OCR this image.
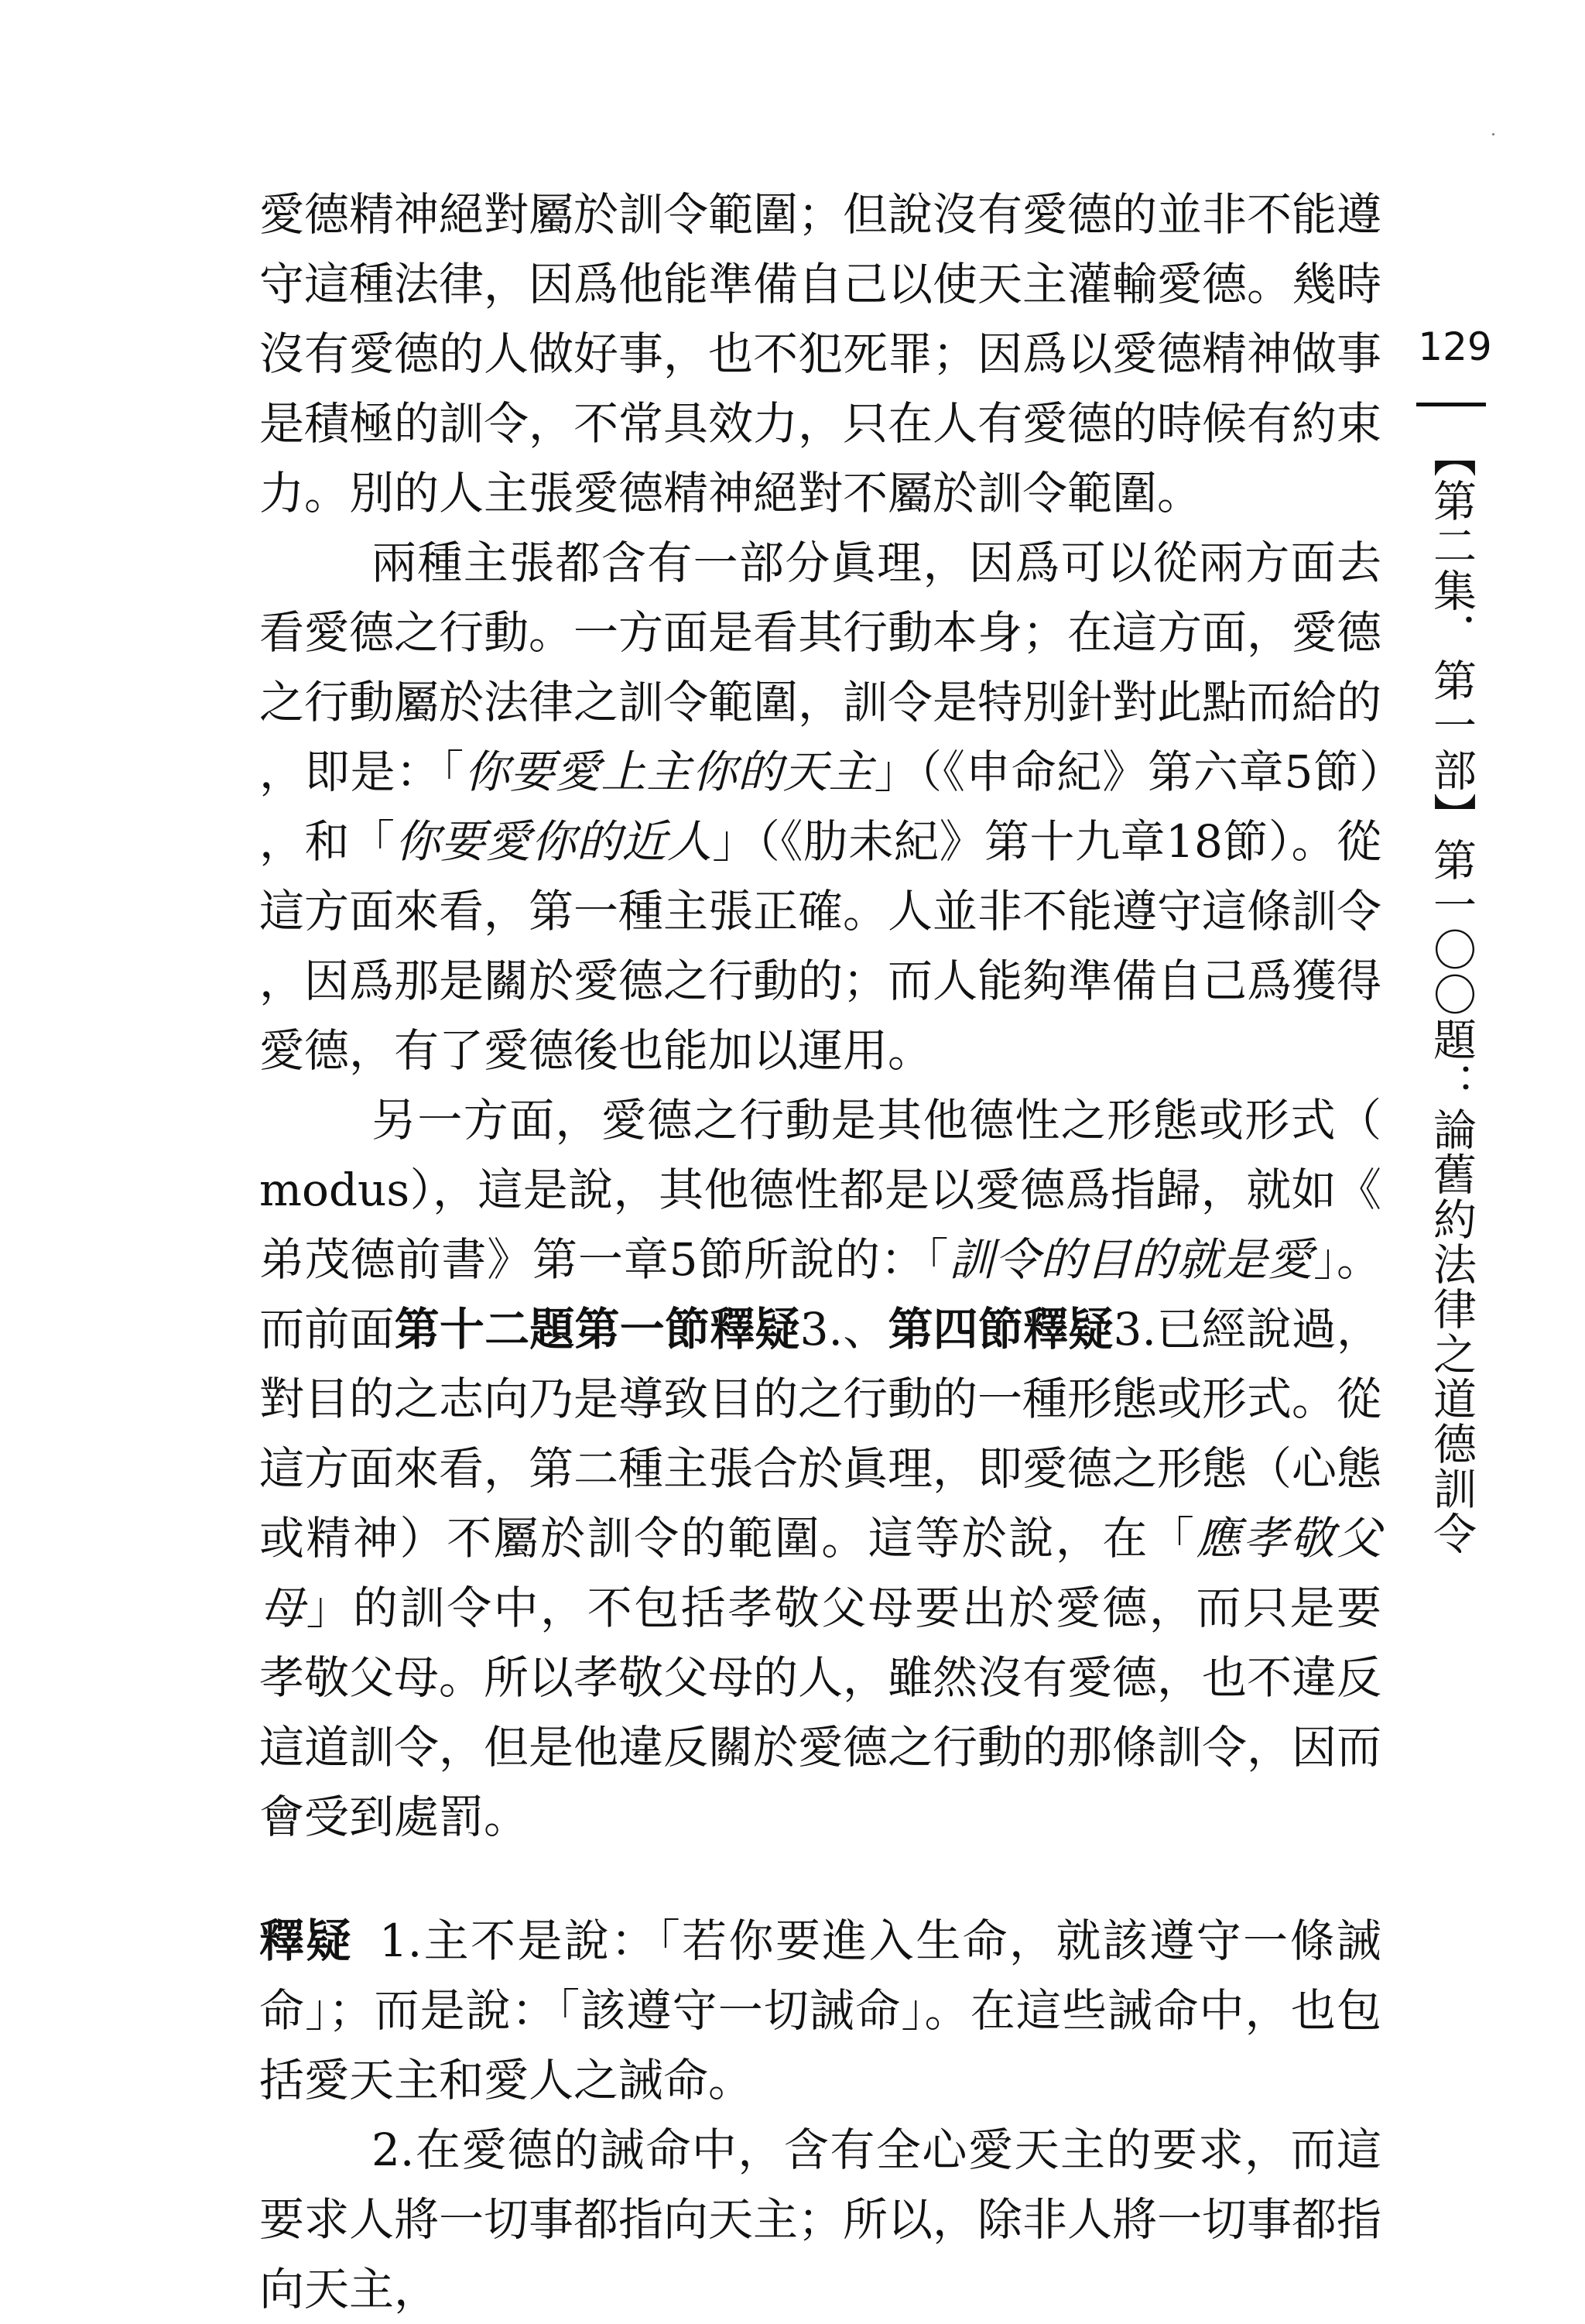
愛德精神絕對屬於訓令範圍；但說沒有愛德的並非不能遵守這種法律，因爲他能準備自己以使天主灌輸愛德。幾時沒有愛德的人做好事，也不犯死罪；因爲以愛德精神做事是積極的訓令，不常具效力，只在人有愛德的時候有約束力。別的人主張愛德精神絕對不屬於訓令範圍。

兩種主張都含有一部分眞理，因爲可以從兩方面去看愛德之行動。一方面是看其行動本身；在這方面，愛德之行動屬於法律之訓令範圍，訓令是特別針對此點而給的，即是：「你要愛上主你的天主」（《申命紀》第六章5節），和「你要愛你的近人」（《肋未紀》第十九章18節）。從這方面來看，第一種主張正確。人並非不能遵守這條訓令，因爲那是關於愛德之行動的；而人能夠準備自己爲獲得愛德，有了愛德後也能加以運用。

另一方面，愛德之行動是其他德性之形態或形式（modus），這是說，其他德性都是以愛德爲指歸，就如《弟茂德前書》第一章5節所說的：「訓令的目的就是愛」。而前面第十二題第一節釋疑3.、第四節釋疑3.已經說過，對目的之志向乃是導致目的之行動的一種形態或形式。從這方面來看，第二種主張合於眞理，即愛德之形態（心態或精神）不屬於訓令的範圍。這等於說，在「應孝敬父母」的訓令中，不包括孝敬父母要出於愛德，而只是要孝敬父母。所以孝敬父母的人，雖然沒有愛德，也不違反這道訓令，但是他違反關於愛德之行動的那條訓令，因而會受到處罰。

釋疑 1.主不是說：「若你要進入生命，就該遵守一條誡命」；而是說：「該遵守一切誡命」。在這些誡命中，也包括愛天主和愛人之誡命。

2.在愛德的誡命中，含有全心愛天主的要求，而這要求人將一切事都指向天主；所以，除非人將一切事都指向天主，

129
【第二集．第一部】第一〇〇題：論舊約法律之道德訓令
